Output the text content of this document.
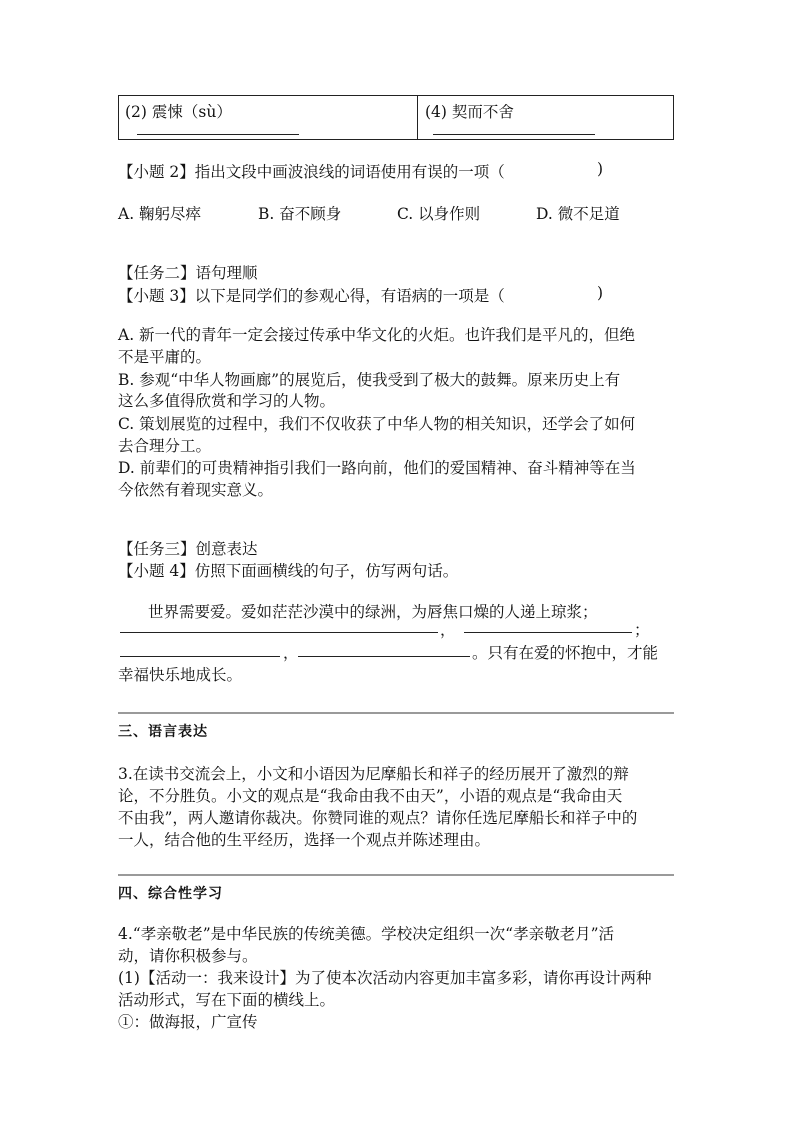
(2) 震悚（sù）	(4) 契而不舍
【小题 2】指出文段中画波浪线的词语使用有误的一项（	)
A. 鞠躬尽瘁	B. 奋不顾身	C. 以身作则	D. 微不足道
【任务二】语句理顺
【小题 3】以下是同学们的参观心得，有语病的一项是（	)
A. 新一代的青年一定会接过传承中华文化的火炬。也许我们是平凡的，但绝
不是平庸的。
B. 参观“中华人物画廊”的展览后，使我受到了极大的鼓舞。原来历史上有
这么多值得欣赏和学习的人物。
C. 策划展览的过程中，我们不仅收获了中华人物的相关知识，还学会了如何
去合理分工。
D. 前辈们的可贵精神指引我们一路向前，他们的爱国精神、奋斗精神等在当
今依然有着现实意义。
【任务三】创意表达
【小题 4】仿照下面画横线的句子，仿写两句话。
世界需要爱。爱如茫茫沙漠中的绿洲，为唇焦口燥的人递上琼浆；
，	；
，	。只有在爱的怀抱中，才能
幸福快乐地成长。
三、语言表达
3.在读书交流会上，小文和小语因为尼摩船长和祥子的经历展开了激烈的辩
论，不分胜负。小文的观点是“我命由我不由天”，小语的观点是“我命由天
不由我”，两人邀请你裁决。你赞同谁的观点？请你任选尼摩船长和祥子中的
一人，结合他的生平经历，选择一个观点并陈述理由。
四、综合性学习
4.“孝亲敬老”是中华民族的传统美德。学校决定组织一次“孝亲敬老月”活
动，请你积极参与。
(1)【活动一：我来设计】为了使本次活动内容更加丰富多彩，请你再设计两种
活动形式，写在下面的横线上。
①：做海报，广宣传
